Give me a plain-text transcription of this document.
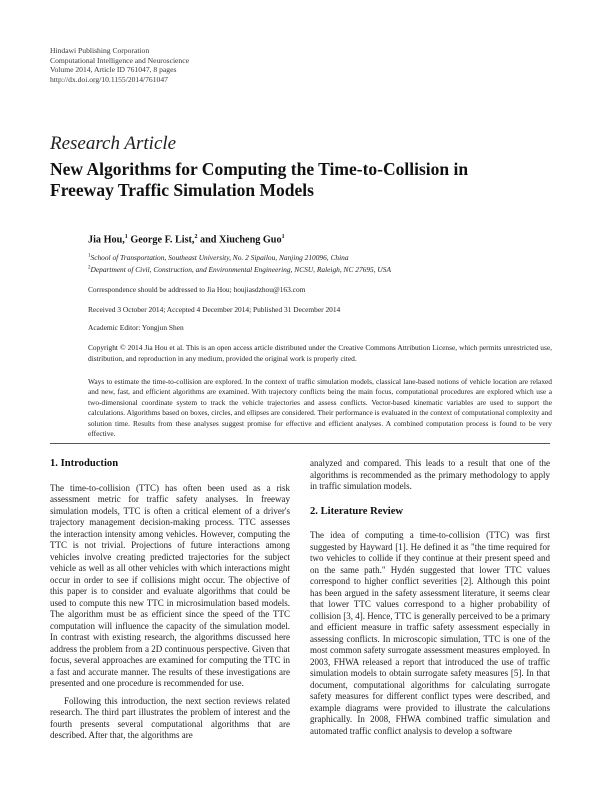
Hindawi Publishing Corporation
Computational Intelligence and Neuroscience
Volume 2014, Article ID 761047, 8 pages
http://dx.doi.org/10.1155/2014/761047
Research Article
New Algorithms for Computing the Time-to-Collision in
Freeway Traffic Simulation Models
Jia Hou,$^1$ George F. List,$^2$ and Xiucheng Guo$^1$
$^1$School of Transportation, Southeast University, No. 2 Sipailou, Nanjing 210096, China
$^2$Department of Civil, Construction, and Environmental Engineering, NCSU, Raleigh, NC 27695, USA
Correspondence should be addressed to Jia Hou; houjiasdzhou@163.com
Received 3 October 2014; Accepted 4 December 2014; Published 31 December 2014
Academic Editor: Yongjun Shen
Copyright © 2014 Jia Hou et al. This is an open access article distributed under the Creative Commons Attribution License, which permits unrestricted use, distribution, and reproduction in any medium, provided the original work is properly cited.
Ways to estimate the time-to-collision are explored. In the context of traffic simulation models, classical lane-based notions of vehicle location are relaxed and new, fast, and efficient algorithms are examined. With trajectory conflicts being the main focus, computational procedures are explored which use a two-dimensional coordinate system to track the vehicle trajectories and assess conflicts. Vector-based kinematic variables are used to support the calculations. Algorithms based on boxes, circles, and ellipses are considered. Their performance is evaluated in the context of computational complexity and solution time. Results from these analyses suggest promise for effective and efficient analyses. A combined computation process is found to be very effective.
1. Introduction

The time-to-collision (TTC) has often been used as a risk assessment metric for traffic safety analyses. In freeway simulation models, TTC is often a critical element of a driver's trajectory management decision-making process. TTC assesses the interaction intensity among vehicles. However, computing the TTC is not trivial. Projections of future interactions among vehicles involve creating predicted trajectories for the subject vehicle as well as all other vehicles with which interactions might occur in order to see if collisions might occur. The objective of this paper is to consider and evaluate algorithms that could be used to compute this new TTC in microsimulation based models. The algorithm must be as efficient since the speed of the TTC computation will influence the capacity of the simulation model. In contrast with existing research, the algorithms discussed here address the problem from a 2D continuous perspective. Given that focus, several approaches are examined for computing the TTC in a fast and accurate manner. The results of these investigations are presented and one procedure is recommended for use.

Following this introduction, the next section reviews related research. The third part illustrates the problem of interest and the fourth presents several computational algorithms that are described. After that, the algorithms are

analyzed and compared. This leads to a result that one of the algorithms is recommended as the primary methodology to apply in traffic simulation models.

2. Literature Review

The idea of computing a time-to-collision (TTC) was first suggested by Hayward [1]. He defined it as "the time required for two vehicles to collide if they continue at their present speed and on the same path." Hydén suggested that lower TTC values correspond to higher conflict severities [2]. Although this point has been argued in the safety assessment literature, it seems clear that lower TTC values correspond to a higher probability of collision [3, 4]. Hence, TTC is generally perceived to be a primary and efficient measure in traffic safety assessment especially in assessing conflicts. In microscopic simulation, TTC is one of the most common safety surrogate assessment measures employed. In 2003, FHWA released a report that introduced the use of traffic simulation models to obtain surrogate safety measures [5]. In that document, computational algorithms for calculating surrogate safety measures for different conflict types were described, and example diagrams were provided to illustrate the calculations graphically. In 2008, FHWA combined traffic simulation and automated traffic conflict analysis to develop a software
